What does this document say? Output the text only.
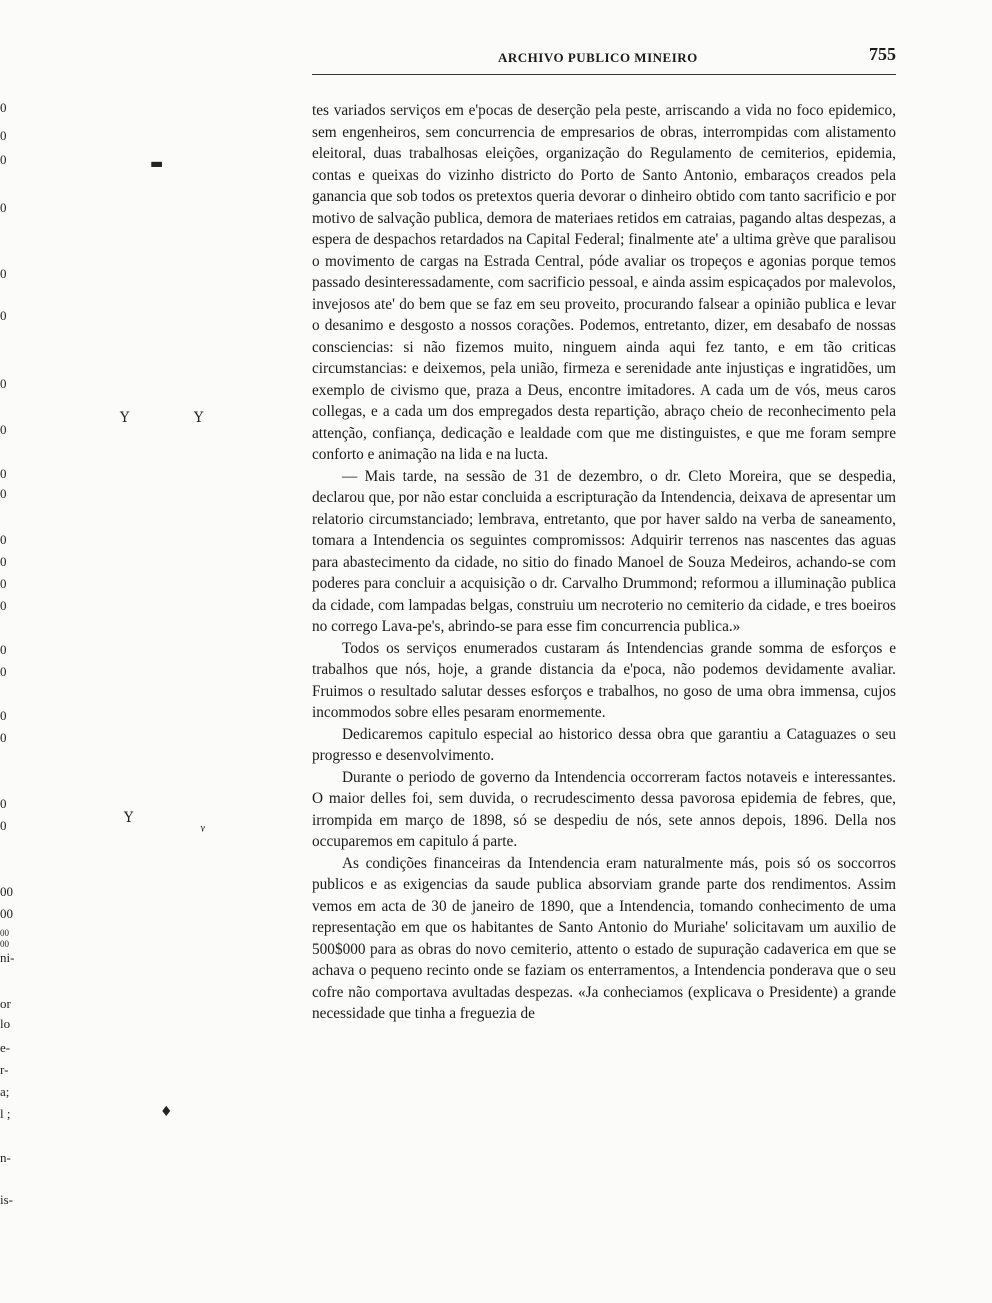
ARCHIVO PUBLICO MINEIRO	755

tes variados serviços em e'pocas de deserção pela peste, arriscando a vida no foco epidemico, sem engenheiros, sem concurrencia de empresarios de obras, interrompidas com alistamento eleitoral, duas trabalhosas eleições, organização do Regulamento de cemiterios, epidemia, contas e queixas do vizinho districto do Porto de Santo Antonio, embaraços creados pela ganancia que sob todos os pretextos queria devorar o dinheiro obtido com tanto sacrificio e por motivo de salvação publica, demora de materiaes retidos em catraias, pagando altas despezas, a espera de despachos retardados na Capital Federal; finalmente ate' a ultima grève que paralisou o movimento de cargas na Estrada Central, póde avaliar os tropeços e agonias porque temos passado desinteressadamente, com sacrificio pessoal, e ainda assim espicaçados por malevolos, invejosos ate' do bem que se faz em seu proveito, procurando falsear a opinião publica e levar o desanimo e desgosto a nossos corações. Podemos, entretanto, dizer, em desabafo de nossas consciencias: si não fizemos muito, ninguem ainda aqui fez tanto, e em tão criticas circumstancias: e deixemos, pela união, firmeza e serenidade ante injustiças e ingratidões, um exemplo de civismo que, praza a Deus, encontre imitadores. A cada um de vós, meus caros collegas, e a cada um dos empregados desta repartição, abraço cheio de reconhecimento pela attenção, confiança, dedicação e lealdade com que me distinguistes, e que me foram sempre conforto e animação na lida e na lucta.

— Mais tarde, na sessão de 31 de dezembro, o dr. Cleto Moreira, que se despedia, declarou que, por não estar concluida a escripturação da Intendencia, deixava de apresentar um relatorio circumstanciado; lembrava, entretanto, que por haver saldo na verba de saneamento, tomara a Intendencia os seguintes compromissos: Adquirir terrenos nas nascentes das aguas para abastecimento da cidade, no sitio do finado Manoel de Souza Medeiros, achando-se com poderes para concluir a acquisição o dr. Carvalho Drummond; reformou a illuminação publica da cidade, com lampadas belgas, construiu um necroterio no cemiterio da cidade, e tres boeiros no corrego Lava-pe's, abrindo-se para esse fim concurrencia publica.»

Todos os serviços enumerados custaram ás Intendencias grande somma de esforços e trabalhos que nós, hoje, a grande distancia da e'poca, não podemos devidamente avaliar. Fruimos o resultado salutar desses esforços e trabalhos, no goso de uma obra immensa, cujos incommodos sobre elles pesaram enormemente.

Dedicaremos capitulo especial ao historico dessa obra que garantiu a Cataguazes o seu progresso e desenvolvimento.

Durante o periodo de governo da Intendencia occorreram factos notaveis e interessantes. O maior delles foi, sem duvida, o recrudescimento dessa pavorosa epidemia de febres, que, irrompida em março de 1898, só se despediu de nós, sete annos depois, 1896. Della nos occuparemos em capitulo á parte.

As condições financeiras da Intendencia eram naturalmente más, pois só os soccorros publicos e as exigencias da saude publica absorviam grande parte dos rendimentos. Assim vemos em acta de 30 de janeiro de 1890, que a Intendencia, tomando conhecimento de uma representação em que os habitantes de Santo Antonio do Muriahe' solicitavam um auxilio de 500$000 para as obras do novo cemiterio, attento o estado de supuração cadaverica em que se achava o pequeno recinto onde se faziam os enterramentos, a Intendencia ponderava que o seu cofre não comportava avultadas despezas. «Ja conheciamos (explicava o Presidente) a grande necessidade que tinha a freguezia de

0
0
0
0
0
0
0
0
0
0
0
0
0
0
0
0
0
0
0
0
00
00
00
00
ni-
or
lo
e-
r-
a;
l ;
n-
is-
▬
Y	Y
Y	ᵧ
♦
